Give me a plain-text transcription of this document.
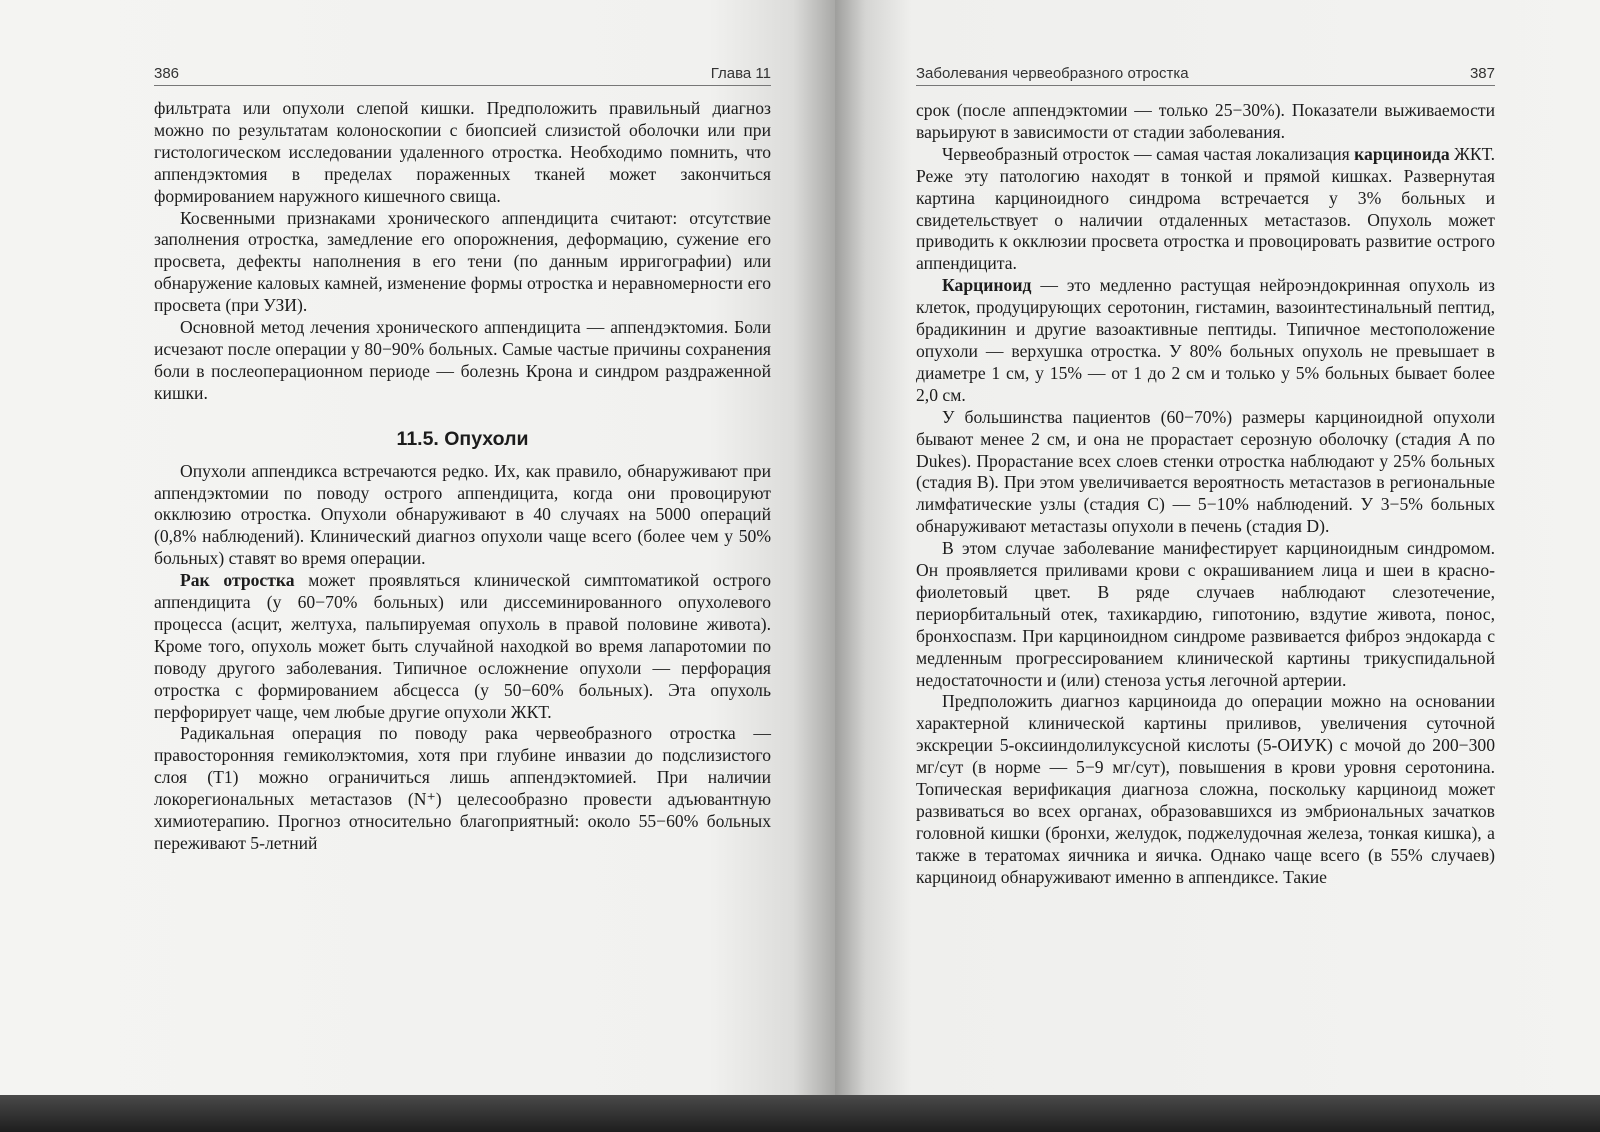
386	Глава 11

фильтрата или опухоли слепой кишки. Предположить правильный диагноз можно по результатам колоноскопии с биопсией слизистой оболочки или при гистологическом исследовании удаленного отростка. Необходимо помнить, что аппендэктомия в пределах пораженных тканей может закончиться формированием наружного кишечного свища.

Косвенными признаками хронического аппендицита считают: отсутствие заполнения отростка, замедление его опорожнения, деформацию, сужение его просвета, дефекты наполнения в его тени (по данным ирригографии) или обнаружение каловых камней, изменение формы отростка и неравномерности его просвета (при УЗИ).

Основной метод лечения хронического аппендицита — аппендэктомия. Боли исчезают после операции у 80−90% больных. Самые частые причины сохранения боли в послеоперационном периоде — болезнь Крона и синдром раздраженной кишки.

11.5. Опухоли

Опухоли аппендикса встречаются редко. Их, как правило, обнаруживают при аппендэктомии по поводу острого аппендицита, когда они провоцируют окклюзию отростка. Опухоли обнаруживают в 40 случаях на 5000 операций (0,8% наблюдений). Клинический диагноз опухоли чаще всего (более чем у 50% больных) ставят во время операции.

Рак отростка может проявляться клинической симптоматикой острого аппендицита (у 60−70% больных) или диссеминированного опухолевого процесса (асцит, желтуха, пальпируемая опухоль в правой половине живота). Кроме того, опухоль может быть случайной находкой во время лапаротомии по поводу другого заболевания. Типичное осложнение опухоли — перфорация отростка с формированием абсцесса (у 50−60% больных). Эта опухоль перфорирует чаще, чем любые другие опухоли ЖКТ.

Радикальная операция по поводу рака червеобразного отростка — правосторонняя гемиколэктомия, хотя при глубине инвазии до подслизистого слоя (T1) можно ограничиться лишь аппендэктомией. При наличии локорегиональных метастазов (N⁺) целесообразно провести адъювантную химиотерапию. Прогноз относительно благоприятный: около 55−60% больных переживают 5-летний

Заболевания червеобразного отростка	387

срок (после аппендэктомии — только 25−30%). Показатели выживаемости варьируют в зависимости от стадии заболевания.

Червеобразный отросток — самая частая локализация карциноида ЖКТ. Реже эту патологию находят в тонкой и прямой кишках. Развернутая картина карциноидного синдрома встречается у 3% больных и свидетельствует о наличии отдаленных метастазов. Опухоль может приводить к окклюзии просвета отростка и провоцировать развитие острого аппендицита.

Карциноид — это медленно растущая нейроэндокринная опухоль из клеток, продуцирующих серотонин, гистамин, вазоинтестинальный пептид, брадикинин и другие вазоактивные пептиды. Типичное местоположение опухоли — верхушка отростка. У 80% больных опухоль не превышает в диаметре 1 см, у 15% — от 1 до 2 см и только у 5% больных бывает более 2,0 см.

У большинства пациентов (60−70%) размеры карциноидной опухоли бывают менее 2 см, и она не прорастает серозную оболочку (стадия A по Dukes). Прорастание всех слоев стенки отростка наблюдают у 25% больных (стадия B). При этом увеличивается вероятность метастазов в региональные лимфатические узлы (стадия C) — 5−10% наблюдений. У 3−5% больных обнаруживают метастазы опухоли в печень (стадия D).

В этом случае заболевание манифестирует карциноидным синдромом. Он проявляется приливами крови с окрашиванием лица и шеи в красно-фиолетовый цвет. В ряде случаев наблюдают слезотечение, периорбитальный отек, тахикардию, гипотонию, вздутие живота, понос, бронхоспазм. При карциноидном синдроме развивается фиброз эндокарда с медленным прогрессированием клинической картины трикуспидальной недостаточности и (или) стеноза устья легочной артерии.

Предположить диагноз карциноида до операции можно на основании характерной клинической картины приливов, увеличения суточной экскреции 5-оксииндолилуксусной кислоты (5-ОИУК) с мочой до 200−300 мг/сут (в норме — 5−9 мг/сут), повышения в крови уровня серотонина. Топическая верификация диагноза сложна, поскольку карциноид может развиваться во всех органах, образовавшихся из эмбриональных зачатков головной кишки (бронхи, желудок, поджелудочная железа, тонкая кишка), а также в тератомах яичника и яичка. Однако чаще всего (в 55% случаев) карциноид обнаруживают именно в аппендиксе. Такие
